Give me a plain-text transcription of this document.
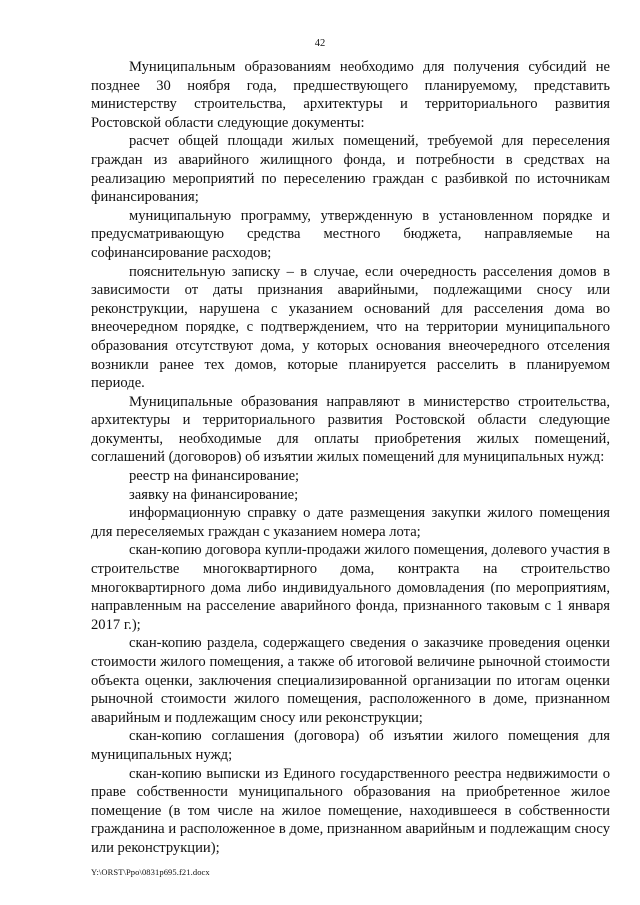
42

Муниципальным образованиям необходимо для получения субсидий не позднее 30 ноября года, предшествующего планируемому, представить министерству строительства, архитектуры и территориального развития Ростовской области следующие документы:

расчет общей площади жилых помещений, требуемой для переселения граждан из аварийного жилищного фонда, и потребности в средствах на реализацию мероприятий по переселению граждан с разбивкой по источникам финансирования;

муниципальную программу, утвержденную в установленном порядке и предусматривающую средства местного бюджета, направляемые на софинансирование расходов;

пояснительную записку – в случае, если очередность расселения домов в зависимости от даты признания аварийными, подлежащими сносу или реконструкции, нарушена с указанием оснований для расселения дома во внеочередном порядке, с подтверждением, что на территории муниципального образования отсутствуют дома, у которых основания внеочередного отселения возникли ранее тех домов, которые планируется расселить в планируемом периоде.

Муниципальные образования направляют в министерство строительства, архитектуры и территориального развития Ростовской области следующие документы, необходимые для оплаты приобретения жилых помещений, соглашений (договоров) об изъятии жилых помещений для муниципальных нужд:

реестр на финансирование;

заявку на финансирование;

информационную справку о дате размещения закупки жилого помещения для переселяемых граждан с указанием номера лота;

скан-копию договора купли-продажи жилого помещения, долевого участия в строительстве многоквартирного дома, контракта на строительство многоквартирного дома либо индивидуального домовладения (по мероприятиям, направленным на расселение аварийного фонда, признанного таковым с 1 января 2017 г.);

скан-копию раздела, содержащего сведения о заказчике проведения оценки стоимости жилого помещения, а также об итоговой величине рыночной стоимости объекта оценки, заключения специализированной организации по итогам оценки рыночной стоимости жилого помещения, расположенного в доме, признанном аварийным и подлежащим сносу или реконструкции;

скан-копию соглашения (договора) об изъятии жилого помещения для муниципальных нужд;

скан-копию выписки из Единого государственного реестра недвижимости о праве собственности муниципального образования на приобретенное жилое помещение (в том числе на жилое помещение, находившееся в собственности гражданина и расположенное в доме, признанном аварийным и подлежащим сносу или реконструкции);

Y:\ORST\Ppo\0831p695.f21.docx
